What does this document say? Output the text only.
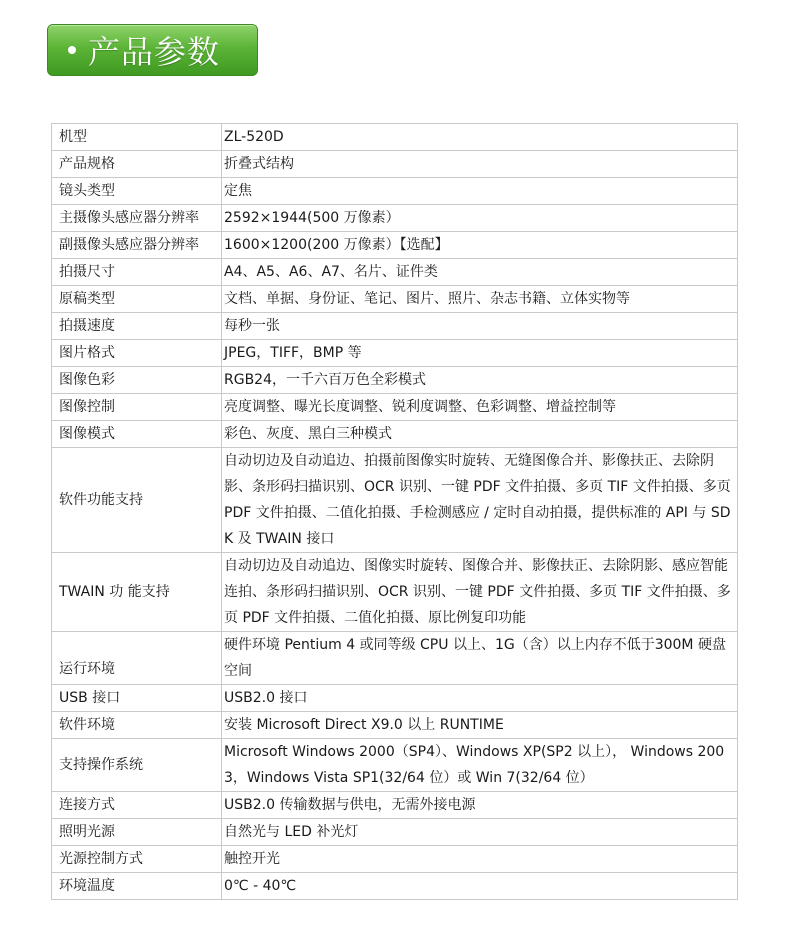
产品参数
机型	ZL-520D
产品规格	折叠式结构
镜头类型	定焦
主摄像头感应器分辨率	2592×1944(500 万像素）
副摄像头感应器分辨率	1600×1200(200 万像素）【选配】
拍摄尺寸	A4、A5、A6、A7、名片、证件类
原稿类型	文档、单据、身份证、笔记、图片、照片、杂志书籍、立体实物等
拍摄速度	每秒一张
图片格式	JPEG，TIFF，BMP 等
图像色彩	RGB24，一千六百万色全彩模式
图像控制	亮度调整、曝光长度调整、锐利度调整、色彩调整、增益控制等
图像模式	彩色、灰度、黑白三种模式
软件功能支持	自动切边及自动追边、拍摄前图像实时旋转、无缝图像合并、影像扶正、去除阴影、条形码扫描识别、OCR 识别、一键 PDF 文件拍摄、多页 TIF 文件拍摄、多页 PDF 文件拍摄、二值化拍摄、手检测感应 / 定时自动拍摄，提供标准的 API 与 SDK 及 TWAIN 接口
TWAIN 功 能支持	自动切边及自动追边、图像实时旋转、图像合并、影像扶正、去除阴影、感应智能连拍、条形码扫描识别、OCR 识别、一键 PDF 文件拍摄、多页 TIF 文件拍摄、多页 PDF 文件拍摄、二值化拍摄、原比例复印功能
运行环境	硬件环境 Pentium 4 或同等级 CPU 以上、1G（含）以上内存不低于300M 硬盘空间
USB 接口	USB2.0 接口
软件环境	安装 Microsoft Direct X9.0 以上 RUNTIME
支持操作系统	Microsoft Windows 2000（SP4）、Windows XP(SP2 以上）， Windows 2003，Windows Vista SP1(32/64 位）或 Win 7(32/64 位）
连接方式	USB2.0 传输数据与供电，无需外接电源
照明光源	自然光与 LED 补光灯
光源控制方式	触控开光
环境温度	0℃ - 40℃
